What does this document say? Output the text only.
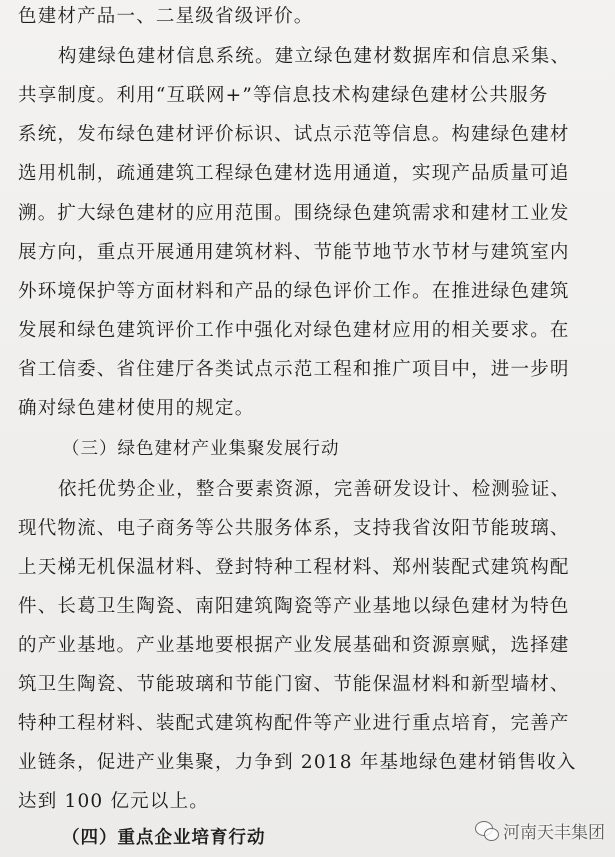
色建材产品一、二星级省级评价。
构建绿色建材信息系统。建立绿色建材数据库和信息采集、
共享制度。利用“互联网+”等信息技术构建绿色建材公共服务
系统，发布绿色建材评价标识、试点示范等信息。构建绿色建材
选用机制，疏通建筑工程绿色建材选用通道，实现产品质量可追
溯。扩大绿色建材的应用范围。围绕绿色建筑需求和建材工业发
展方向，重点开展通用建筑材料、节能节地节水节材与建筑室内
外环境保护等方面材料和产品的绿色评价工作。在推进绿色建筑
发展和绿色建筑评价工作中强化对绿色建材应用的相关要求。在
省工信委、省住建厅各类试点示范工程和推广项目中，进一步明
确对绿色建材使用的规定。
（三）绿色建材产业集聚发展行动
依托优势企业，整合要素资源，完善研发设计、检测验证、
现代物流、电子商务等公共服务体系，支持我省汝阳节能玻璃、
上天梯无机保温材料、登封特种工程材料、郑州装配式建筑构配
件、长葛卫生陶瓷、南阳建筑陶瓷等产业基地以绿色建材为特色
的产业基地。产业基地要根据产业发展基础和资源禀赋，选择建
筑卫生陶瓷、节能玻璃和节能门窗、节能保温材料和新型墙材、
特种工程材料、装配式建筑构配件等产业进行重点培育，完善产
业链条，促进产业集聚，力争到 2018 年基地绿色建材销售收入
河南天丰集团
达到 100 亿元以上。
（四）重点企业培育行动
